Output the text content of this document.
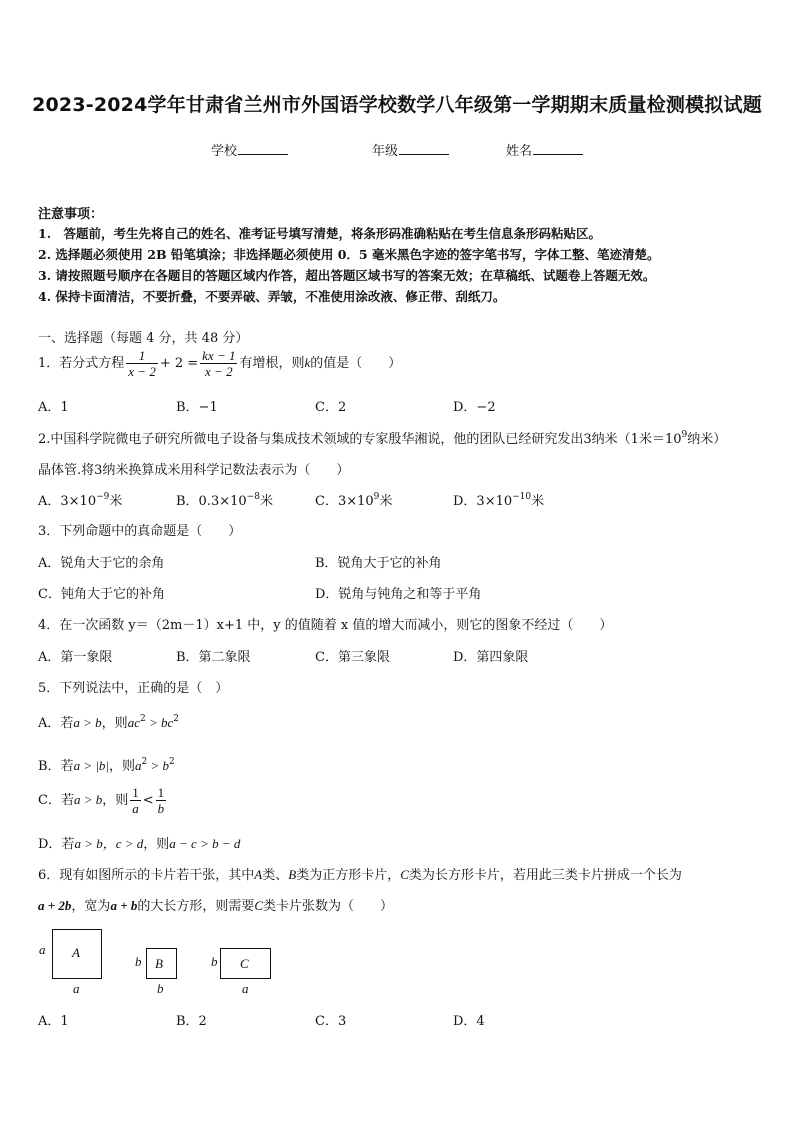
2023-2024学年甘肃省兰州市外国语学校数学八年级第一学期期末质量检测模拟试题
学校	年级	姓名
注意事项：
1.　答题前，考生先将自己的姓名、准考证号填写清楚，将条形码准确粘贴在考生信息条形码粘贴区。
2. 选择题必须使用 2B 铅笔填涂；非选择题必须使用 0．5 毫米黑色字迹的签字笔书写，字体工整、笔迹清楚。
3. 请按照题号顺序在各题目的答题区域内作答，超出答题区域书写的答案无效；在草稿纸、试题卷上答题无效。
4. 保持卡面清洁，不要折叠，不要弄破、弄皱，不准使用涂改液、修正带、刮纸刀。
一、选择题（每题 4 分，共 48 分）
1．若分式方程 $\frac{1}{x - 2} + 2 = \frac{kx - 1}{x - 2}$ 有增根，则k的值是（　　）
A．1	B．−1	C．2	D．−2
2.中国科学院微电子研究所微电子设备与集成技术领域的专家殷华湘说，他的团队已经研究发出3纳米（1米$=10^9$纳米）
晶体管.将3纳米换算成米用科学记数法表示为（　　）
A．$3\times 10^{-9}$米	B．$0.3\times 10^{-8}$米	C．$3\times 10^9$米	D．$3\times 10^{-10}$米
3．下列命题中的真命题是（　　）
A．锐角大于它的余角	B．锐角大于它的补角
C．钝角大于它的补角	D．锐角与钝角之和等于平角
4．在一次函数 y＝（2m－1）x+1 中，y 的值随着 x 值的增大而减小，则它的图象不经过（　　）
A．第一象限	B．第二象限	C．第三象限	D．第四象限
5．下列说法中，正确的是（　）
A．若a > b，则$ac^2 > bc^2$
B．若a > |b|，则$a^2 > b^2$
C．若a > b，则 $\frac{1}{a} < \frac{1}{b}$
D．若a > b，c > d，则a − c > b − d
6．现有如图所示的卡片若干张，其中A类、B类为正方形卡片，C类为长方形卡片，若用此三类卡片拼成一个长为
a + 2b，宽为a + b的大长方形，则需要C类卡片张数为（　　）
A
a
a
B
b
b
C
b
a
A．1	B．2	C．3	D．4
